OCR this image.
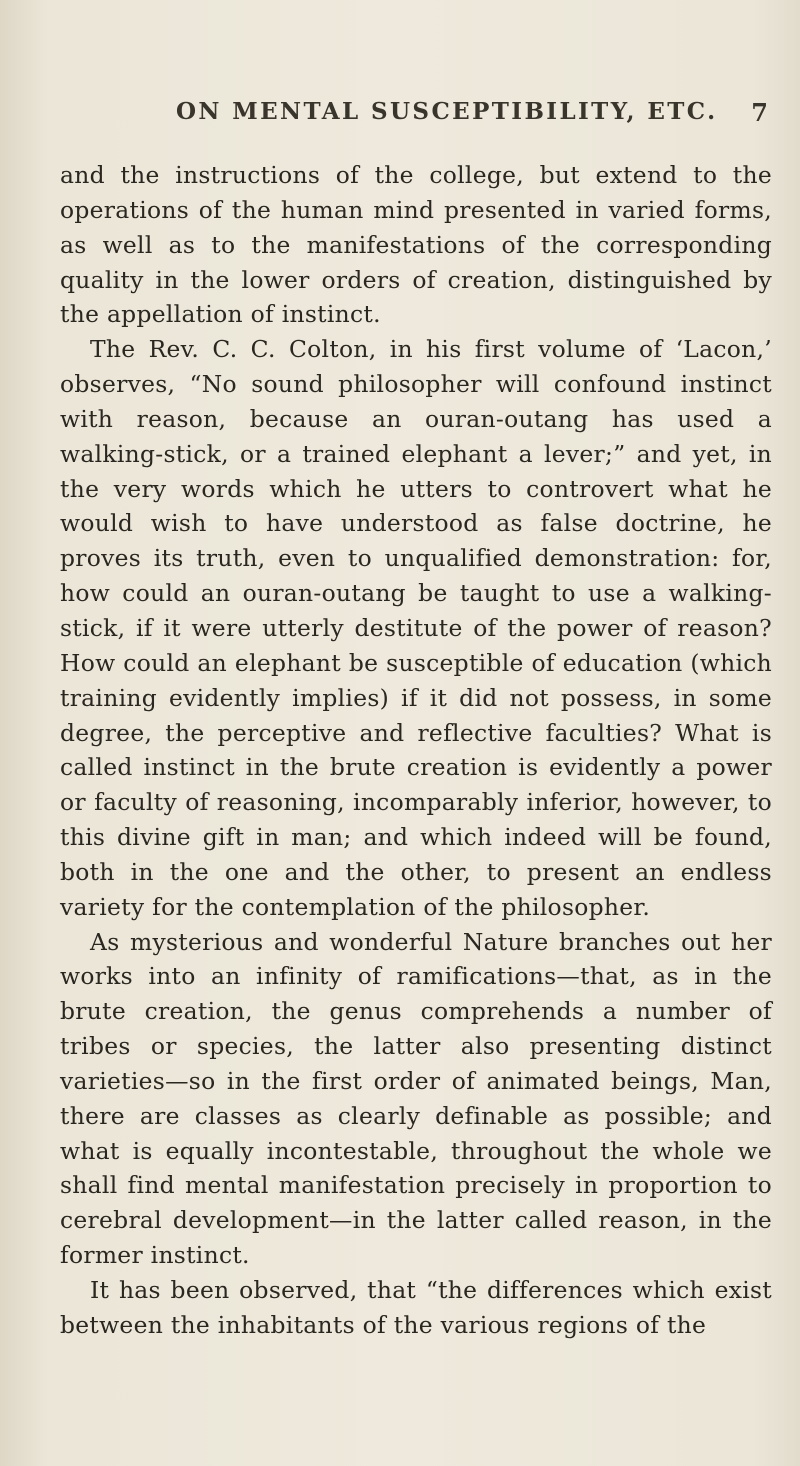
ON MENTAL SUSCEPTIBILITY, ETC. 7

and the instructions of the college, but extend to the operations of the human mind presented in varied forms, as well as to the manifestations of the corresponding quality in the lower orders of creation, distinguished by the appellation of instinct.

The Rev. C. C. Colton, in his first volume of ‘Lacon,’ observes, “No sound philosopher will confound instinct with reason, because an ouran-outang has used a walking-stick, or a trained elephant a lever;” and yet, in the very words which he utters to controvert what he would wish to have understood as false doctrine, he proves its truth, even to unqualified demonstration: for, how could an ouran-outang be taught to use a walking-stick, if it were utterly destitute of the power of reason? How could an elephant be susceptible of education (which training evidently implies) if it did not possess, in some degree, the perceptive and reflective faculties? What is called instinct in the brute creation is evidently a power or faculty of reasoning, incomparably inferior, however, to this divine gift in man; and which indeed will be found, both in the one and the other, to present an endless variety for the contemplation of the philosopher.

As mysterious and wonderful Nature branches out her works into an infinity of ramifications—that, as in the brute creation, the genus comprehends a number of tribes or species, the latter also presenting distinct varieties—so in the first order of animated beings, Man, there are classes as clearly definable as possible; and what is equally incontestable, throughout the whole we shall find mental manifestation precisely in proportion to cerebral development—in the latter called reason, in the former instinct.

It has been observed, that “the differences which exist between the inhabitants of the various regions of the
